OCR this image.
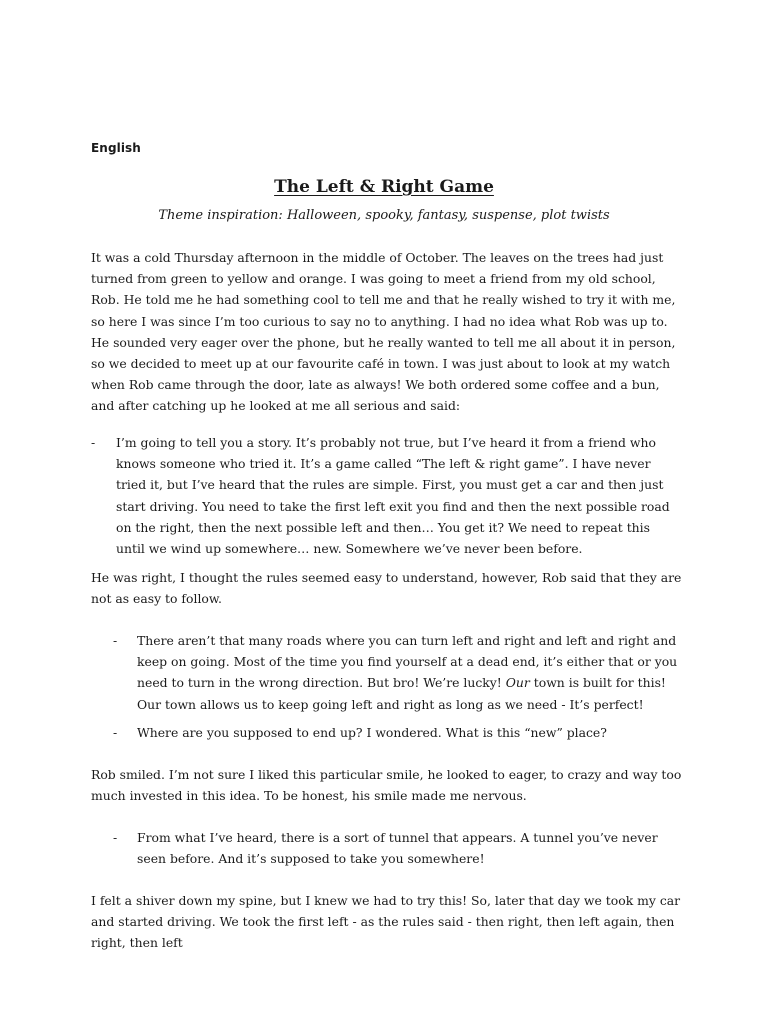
English
The Left & Right Game
Theme inspiration: Halloween, spooky, fantasy, suspense, plot twists

It was a cold Thursday afternoon in the middle of October. The leaves on the trees had just turned from green to yellow and orange. I was going to meet a friend from my old school, Rob. He told me he had something cool to tell me and that he really wished to try it with me, so here I was since I’m too curious to say no to anything. I had no idea what Rob was up to. He sounded very eager over the phone, but he really wanted to tell me all about it in person, so we decided to meet up at our favourite café in town. I was just about to look at my watch when Rob came through the door, late as always! We both ordered some coffee and a bun, and after catching up he looked at me all serious and said:

- I’m going to tell you a story. It’s probably not true, but I’ve heard it from a friend who knows someone who tried it. It’s a game called “The left & right game”. I have never tried it, but I’ve heard that the rules are simple. First, you must get a car and then just start driving. You need to take the first left exit you find and then the next possible road on the right, then the next possible left and then… You get it? We need to repeat this until we wind up somewhere… new. Somewhere we’ve never been before.

He was right, I thought the rules seemed easy to understand, however, Rob said that they are not as easy to follow.

- There aren’t that many roads where you can turn left and right and left and right and keep on going. Most of the time you find yourself at a dead end, it’s either that or you need to turn in the wrong direction. But bro! We’re lucky! Our town is built for this! Our town allows us to keep going left and right as long as we need - It’s perfect!

- Where are you supposed to end up? I wondered. What is this “new” place?

Rob smiled. I’m not sure I liked this particular smile, he looked to eager, to crazy and way too much invested in this idea. To be honest, his smile made me nervous.

- From what I’ve heard, there is a sort of tunnel that appears. A tunnel you’ve never seen before. And it’s supposed to take you somewhere!

I felt a shiver down my spine, but I knew we had to try this! So, later that day we took my car and started driving. We took the first left - as the rules said - then right, then left again, then right, then left
